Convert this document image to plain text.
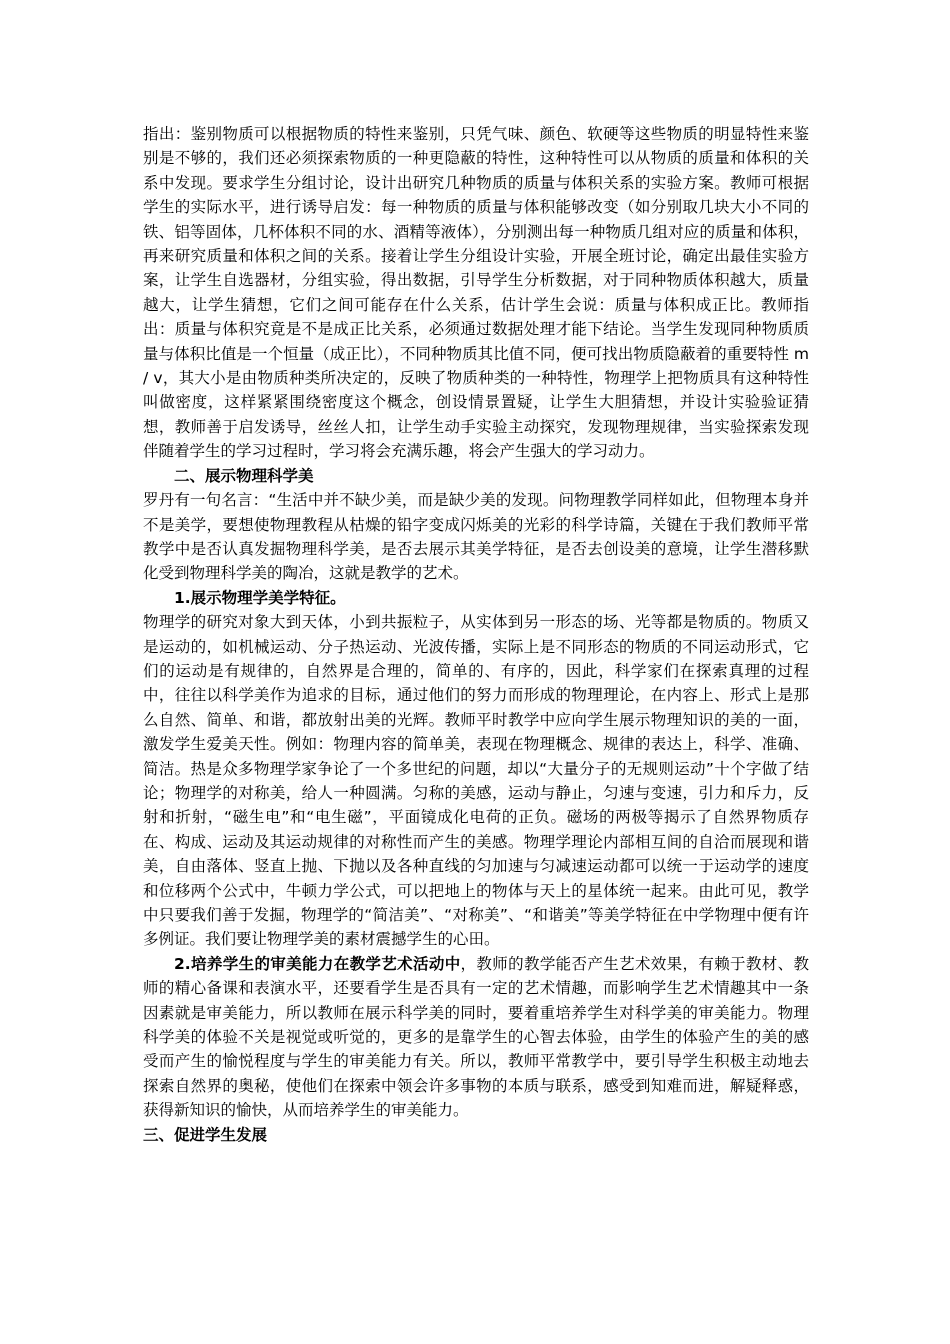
指出：鉴别物质可以根据物质的特性来鉴别，只凭气味、颜色、软硬等这些物质的明显特性来鉴别是不够的，我们还必须探索物质的一种更隐蔽的特性，这种特性可以从物质的质量和体积的关系中发现。要求学生分组讨论，设计出研究几种物质的质量与体积关系的实验方案。教师可根据学生的实际水平，进行诱导启发：每一种物质的质量与体积能够改变（如分别取几块大小不同的铁、铝等固体，几杯体积不同的水、酒精等液体），分别测出每一种物质几组对应的质量和体积，再来研究质量和体积之间的关系。接着让学生分组设计实验，开展全班讨论，确定出最佳实验方案，让学生自选器材，分组实验，得出数据，引导学生分析数据，对于同种物质体积越大，质量越大，让学生猜想，它们之间可能存在什么关系，估计学生会说：质量与体积成正比。教师指出：质量与体积究竟是不是成正比关系，必须通过数据处理才能下结论。当学生发现同种物质质量与体积比值是一个恒量（成正比），不同种物质其比值不同，便可找出物质隐蔽着的重要特性 m / v，其大小是由物质种类所决定的，反映了物质种类的一种特性，物理学上把物质具有这种特性叫做密度，这样紧紧围绕密度这个概念，创设情景置疑，让学生大胆猜想，并设计实验验证猜想，教师善于启发诱导，丝丝人扣，让学生动手实验主动探究，发现物理规律，当实验探索发现伴随着学生的学习过程时，学习将会充满乐趣，将会产生强大的学习动力。

二、展示物理科学美

罗丹有一句名言：“生活中并不缺少美，而是缺少美的发现。问物理教学同样如此，但物理本身并不是美学，要想使物理教程从枯燥的铅字变成闪烁美的光彩的科学诗篇，关键在于我们教师平常教学中是否认真发掘物理科学美，是否去展示其美学特征，是否去创设美的意境，让学生潜移默化受到物理科学美的陶冶，这就是教学的艺术。

1.展示物理学美学特征。

物理学的研究对象大到天体，小到共振粒子，从实体到另一形态的场、光等都是物质的。物质又是运动的，如机械运动、分子热运动、光波传播，实际上是不同形态的物质的不同运动形式，它们的运动是有规律的，自然界是合理的，简单的、有序的，因此，科学家们在探索真理的过程中，往往以科学美作为追求的目标，通过他们的努力而形成的物理理论，在内容上、形式上是那么自然、简单、和谐，都放射出美的光辉。教师平时教学中应向学生展示物理知识的美的一面，激发学生爱美天性。例如：物理内容的简单美，表现在物理概念、规律的表达上，科学、准确、简洁。热是众多物理学家争论了一个多世纪的问题，却以“大量分子的无规则运动”十个字做了结论；物理学的对称美，给人一种圆满。匀称的美感，运动与静止，匀速与变速，引力和斥力，反射和折射，“磁生电”和“电生磁”，平面镜成化电荷的正负。磁场的两极等揭示了自然界物质存在、构成、运动及其运动规律的对称性而产生的美感。物理学理论内部相互间的自洽而展现和谐美，自由落体、竖直上抛、下抛以及各种直线的匀加速与匀减速运动都可以统一于运动学的速度和位移两个公式中，牛顿力学公式，可以把地上的物体与天上的星体统一起来。由此可见，教学中只要我们善于发掘，物理学的“简洁美”、“对称美”、“和谐美”等美学特征在中学物理中便有许多例证。我们要让物理学美的素材震撼学生的心田。

2.培养学生的审美能力在教学艺术活动中，教师的教学能否产生艺术效果，有赖于教材、教师的精心备课和表演水平，还要看学生是否具有一定的艺术情趣，而影响学生艺术情趣其中一条因素就是审美能力，所以教师在展示科学美的同时，要着重培养学生对科学美的审美能力。物理科学美的体验不关是视觉或听觉的，更多的是靠学生的心智去体验，由学生的体验产生的美的感受而产生的愉悦程度与学生的审美能力有关。所以，教师平常教学中，要引导学生积极主动地去探索自然界的奥秘，使他们在探索中领会许多事物的本质与联系，感受到知难而进，解疑释惑，获得新知识的愉快，从而培养学生的审美能力。

三、促进学生发展
